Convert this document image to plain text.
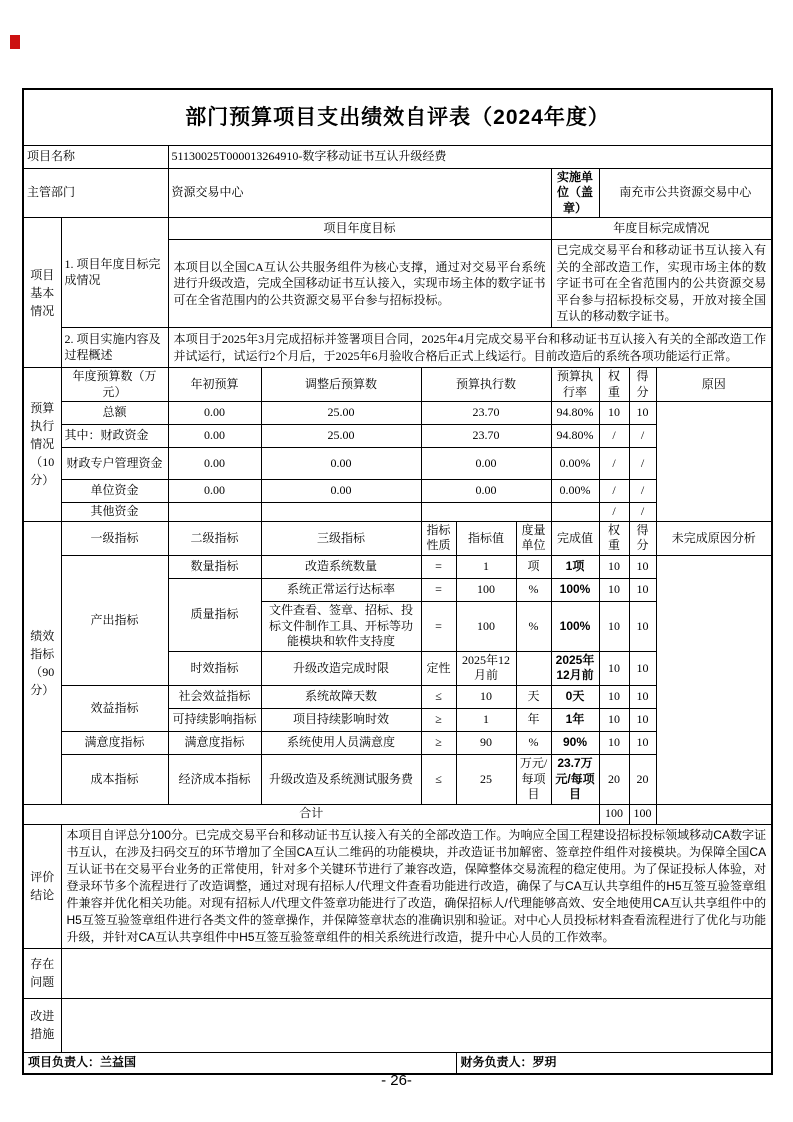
部门预算项目支出绩效自评表（2024年度）										
项目名称		51130025T000013264910-数字移动证书互认升级经费								
主管部门		资源交易中心					实施单位（盖章）	南充市公共资源交易中心		
项目基本情况	1. 项目年度目标完成情况	项目年度目标					年度目标完成情况			
		本项目以全国CA互认公共服务组件为核心支撑，通过对交易平台系统进行升级改造，完成全国移动证书互认接入，实现市场主体的数字证书可在全省范围内的公共资源交易平台参与招标投标。					已完成交易平台和移动证书互认接入有关的全部改造工作，实现市场主体的数字证书可在全省范围内的公共资源交易平台参与招标投标交易，开放对接全国互认的移动数字证书。			
	2. 项目实施内容及过程概述	本项目于2025年3月完成招标并签署项目合同，2025年4月完成交易平台和移动证书互认接入有关的全部改造工作并试运行，试运行2个月后，于2025年6月验收合格后正式上线运行。目前改造后的系统各项功能运行正常。								
预算执行情况（10分）	年度预算数（万元）	年初预算	调整后预算数	预算执行数			预算执行率	权重	得分	原因
	总额	0.00	25.00	23.70			94.80%	10	10	
	其中：财政资金	0.00	25.00	23.70			94.80%	/	/	
	财政专户管理资金	0.00	0.00	0.00			0.00%	/	/	
	单位资金	0.00	0.00	0.00			0.00%	/	/	
	其他资金							/	/	
绩效指标（90分）	一级指标	二级指标	三级指标	指标性质	指标值	度量单位	完成值	权重	得分	未完成原因分析
	产出指标	数量指标	改造系统数量	=	1	项	1项	10	10	
		质量指标	系统正常运行达标率	=	100	%	100%	10	10	
			文件查看、签章、招标、投标文件制作工具、开标等功能模块和软件支持度	=	100	%	100%	10	10	
		时效指标	升级改造完成时限	定性	2025年12月前		2025年12月前	10	10	
	效益指标	社会效益指标	系统故障天数	≤	10	天	0天	10	10	
		可持续影响指标	项目持续影响时效	≥	1	年	1年	10	10	
	满意度指标	满意度指标	系统使用人员满意度	≥	90	%	90%	10	10	
	成本指标	经济成本指标	升级改造及系统测试服务费	≤	25	万元/每项目	23.7万元/每项目	20	20	
合计								100	100	
评价结论	本项目自评总分100分。已完成交易平台和移动证书互认接入有关的全部改造工作。为响应全国工程建设招标投标领域移动CA数字证书互认，在涉及扫码交互的环节增加了全国CA互认二维码的功能模块，并改造证书加解密、签章控件组件对接模块。为保障全国CA互认证书在交易平台业务的正常使用，针对多个关键环节进行了兼容改造，保障整体交易流程的稳定使用。为了保证投标人体验，对登录环节多个流程进行了改造调整，通过对现有招标人/代理文件查看功能进行改造，确保了与CA互认共享组件的H5互签互验签章组件兼容并优化相关功能。对现有招标人/代理文件签章功能进行了改造，确保招标人/代理能够高效、安全地使用CA互认共享组件中的H5互签互验签章组件进行各类文件的签章操作，并保障签章状态的准确识别和验证。对中心人员投标材料查看流程进行了优化与功能升级，并针对CA互认共享组件中H5互签互验签章组件的相关系统进行改造，提升中心人员的工作效率。									
存在问题										
改进措施										
项目负责人：兰益国					财务负责人：罗玥					
- 26-
